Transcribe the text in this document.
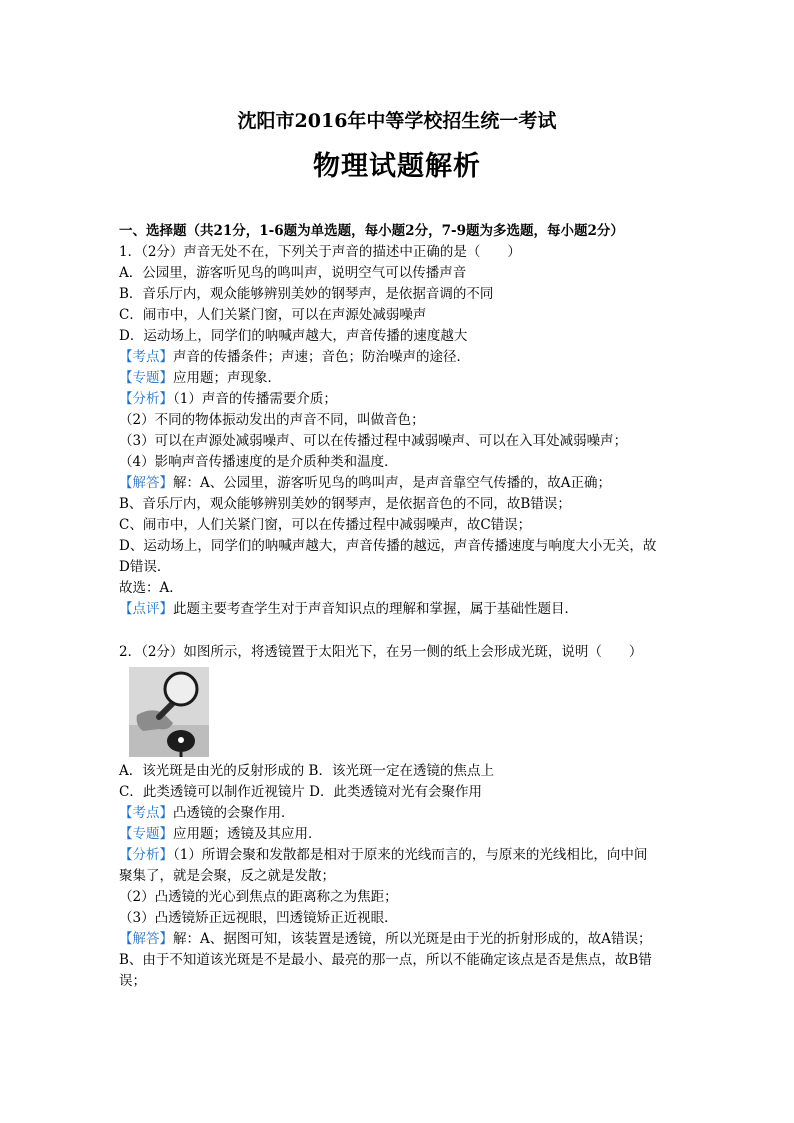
沈阳市2016年中等学校招生统一考试
物理试题解析
一、选择题（共21分，1-6题为单选题，每小题2分，7-9题为多选题，每小题2分）
1．（2分）声音无处不在，下列关于声音的描述中正确的是（　　）
A．公园里，游客听见鸟的鸣叫声，说明空气可以传播声音
B．音乐厅内，观众能够辨别美妙的钢琴声，是依据音调的不同
C．闹市中，人们关紧门窗，可以在声源处减弱噪声
D．运动场上，同学们的呐喊声越大，声音传播的速度越大
【考点】声音的传播条件；声速；音色；防治噪声的途径．
【专题】应用题；声现象．
【分析】（1）声音的传播需要介质；
（2）不同的物体振动发出的声音不同，叫做音色；
（3）可以在声源处减弱噪声、可以在传播过程中减弱噪声、可以在入耳处减弱噪声；
（4）影响声音传播速度的是介质种类和温度．
【解答】解：A、公园里，游客听见鸟的鸣叫声，是声音靠空气传播的，故A正确；
B、音乐厅内，观众能够辨别美妙的钢琴声，是依据音色的不同，故B错误；
C、闹市中，人们关紧门窗，可以在传播过程中减弱噪声，故C错误；
D、运动场上，同学们的呐喊声越大，声音传播的越远，声音传播速度与响度大小无关，故
D错误．
故选：A．
【点评】此题主要考查学生对于声音知识点的理解和掌握，属于基础性题目．
2．（2分）如图所示，将透镜置于太阳光下，在另一侧的纸上会形成光斑，说明（　　）
A．该光斑是由光的反射形成的 B．该光斑一定在透镜的焦点上
C．此类透镜可以制作近视镜片 D．此类透镜对光有会聚作用
【考点】凸透镜的会聚作用．
【专题】应用题；透镜及其应用．
【分析】（1）所谓会聚和发散都是相对于原来的光线而言的，与原来的光线相比，向中间
聚集了，就是会聚，反之就是发散；
（2）凸透镜的光心到焦点的距离称之为焦距；
（3）凸透镜矫正远视眼，凹透镜矫正近视眼．
【解答】解：A、据图可知，该装置是透镜，所以光斑是由于光的折射形成的，故A错误；
B、由于不知道该光斑是不是最小、最亮的那一点，所以不能确定该点是否是焦点，故B错
误；
